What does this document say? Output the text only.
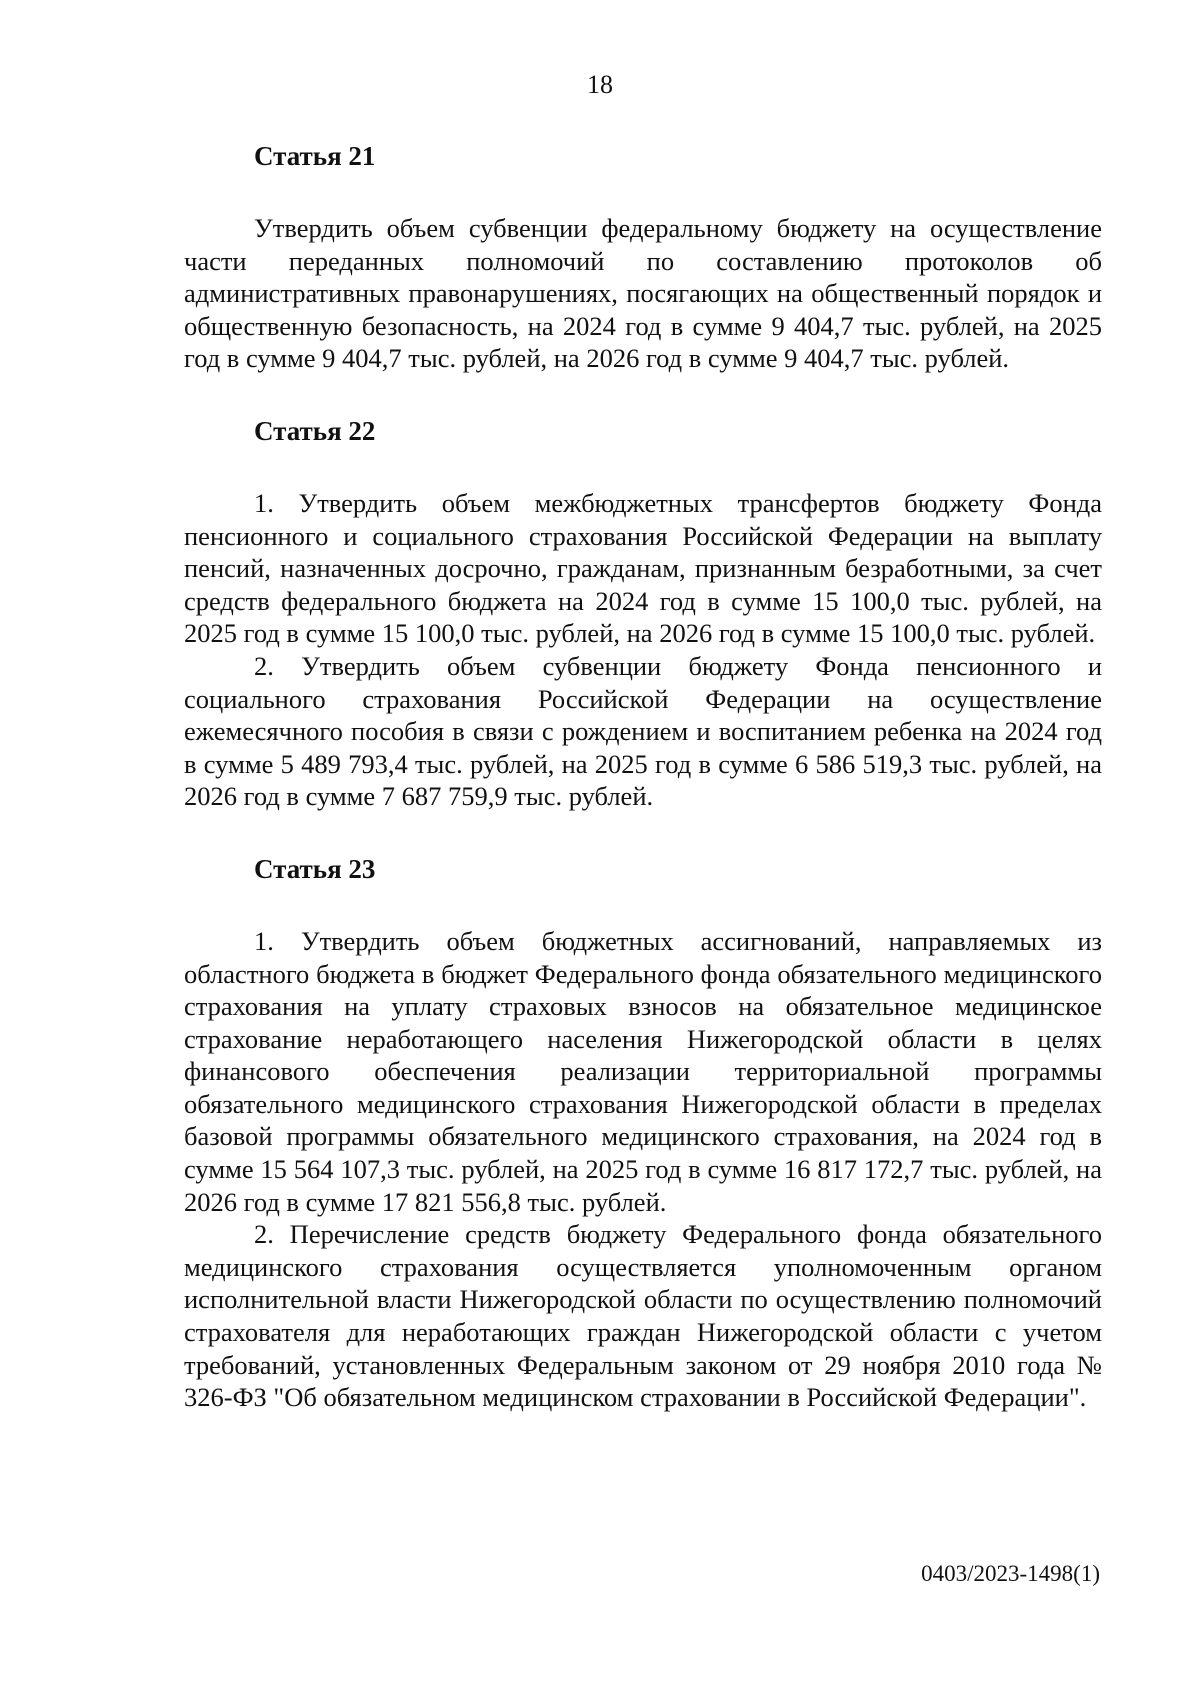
18
Статья 21

Утвердить объем субвенции федеральному бюджету на осуществление части переданных полномочий по составлению протоколов об административных правонарушениях, посягающих на общественный порядок и общественную безопасность, на 2024 год в сумме 9 404,7 тыс. рублей, на 2025 год в сумме 9 404,7 тыс. рублей, на 2026 год в сумме 9 404,7 тыс. рублей.

Статья 22

1. Утвердить объем межбюджетных трансфертов бюджету Фонда пенсионного и социального страхования Российской Федерации на выплату пенсий, назначенных досрочно, гражданам, признанным безработными, за счет средств федерального бюджета на 2024 год в сумме 15 100,0 тыс. рублей, на 2025 год в сумме 15 100,0 тыс. рублей, на 2026 год в сумме 15 100,0 тыс. рублей.

2. Утвердить объем субвенции бюджету Фонда пенсионного и социального страхования Российской Федерации на осуществление ежемесячного пособия в связи с рождением и воспитанием ребенка на 2024 год в сумме 5 489 793,4 тыс. рублей, на 2025 год в сумме 6 586 519,3 тыс. рублей, на 2026 год в сумме 7 687 759,9 тыс. рублей.

Статья 23

1. Утвердить объем бюджетных ассигнований, направляемых из областного бюджета в бюджет Федерального фонда обязательного медицинского страхования на уплату страховых взносов на обязательное медицинское страхование неработающего населения Нижегородской области в целях финансового обеспечения реализации территориальной программы обязательного медицинского страхования Нижегородской области в пределах базовой программы обязательного медицинского страхования, на 2024 год в сумме 15 564 107,3 тыс. рублей, на 2025 год в сумме 16 817 172,7 тыс. рублей, на 2026 год в сумме 17 821 556,8 тыс. рублей.

2. Перечисление средств бюджету Федерального фонда обязательного медицинского страхования осуществляется уполномоченным органом исполнительной власти Нижегородской области по осуществлению полномочий страхователя для неработающих граждан Нижегородской области с учетом требований, установленных Федеральным законом от 29 ноября 2010 года № 326-ФЗ "Об обязательном медицинском страховании в Российской Федерации".

0403/2023-1498(1)
